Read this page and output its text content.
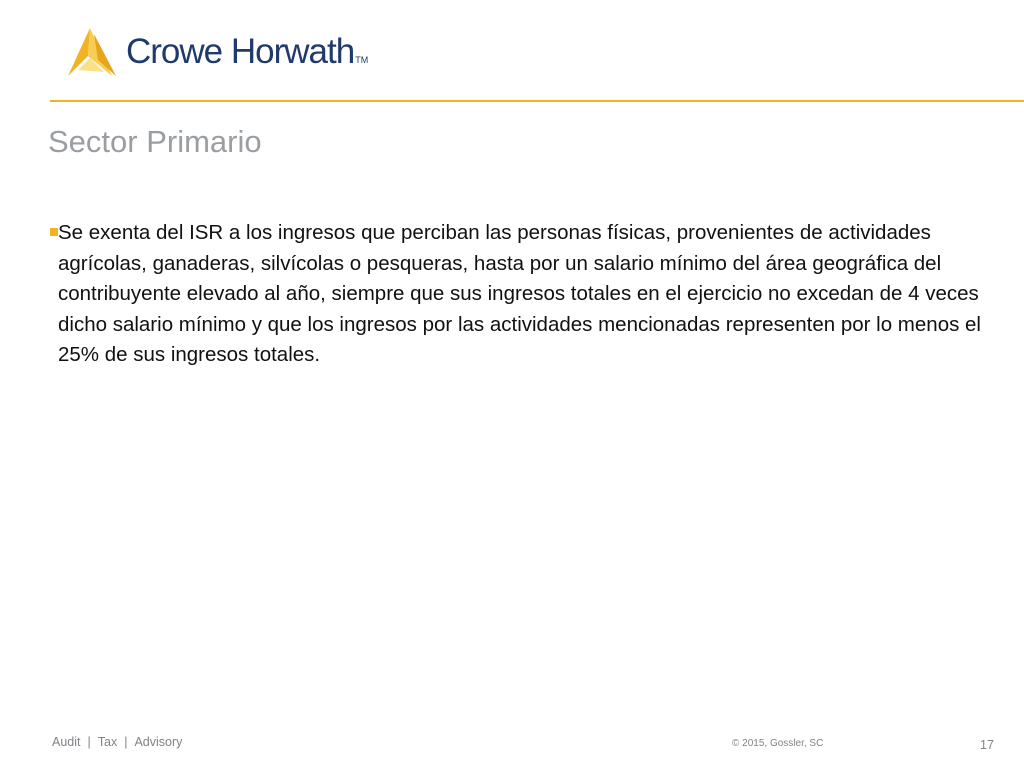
Crowe HorwathTM
Sector Primario

Se exenta del ISR a los ingresos que perciban las personas físicas, provenientes de actividades agrícolas, ganaderas, silvícolas o pesqueras, hasta por un salario mínimo del área geográfica del contribuyente elevado al año, siempre que sus ingresos totales en el ejercicio no excedan de 4 veces dicho salario mínimo y que los ingresos por las actividades mencionadas representen por lo menos el 25% de sus ingresos totales.

Audit | Tax | Advisory	© 2015, Gossler, SC	17
